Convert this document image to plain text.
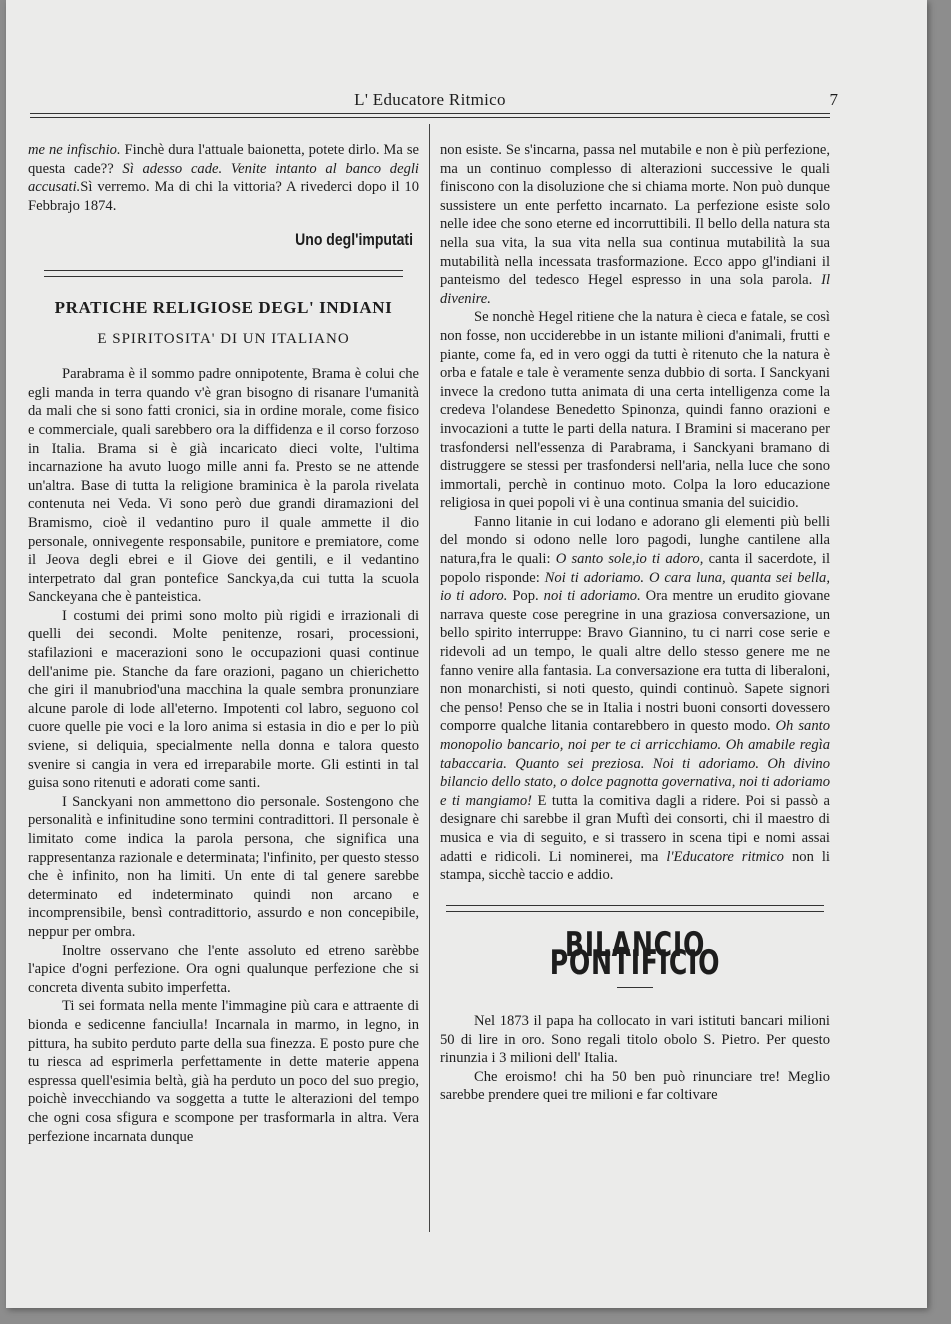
L' Educatore Ritmico	7

me ne infischio. Finchè dura l'attuale baionetta, potete dirlo. Ma se questa cade?? Sì adesso cade. Venite intanto al banco degli accusati.Sì verremo. Ma di chi la vittoria? A rivederci dopo il 10 Febbrajo 1874.

Uno degl'imputati
PRATICHE RELIGIOSE DEGL' INDIANI
E SPIRITOSITA' DI UN ITALIANO

Parabrama è il sommo padre onnipotente, Brama è colui che egli manda in terra quando v'è gran bisogno di risanare l'umanità da mali che si sono fatti cronici, sia in ordine morale, come fisico e commerciale, quali sarebbero ora la diffidenza e il corso forzoso in Italia. Brama si è già incaricato dieci volte, l'ultima incarnazione ha avuto luogo mille anni fa. Presto se ne attende un'altra. Base di tutta la religione braminica è la parola rivelata contenuta nei Veda. Vi sono però due grandi diramazioni del Bramismo, cioè il vedantino puro il quale ammette il dio personale, onnivegente responsabile, punitore e premiatore, come il Jeova degli ebrei e il Giove dei gentili, e il vedantino interpetrato dal gran pontefice Sanckya,da cui tutta la scuola Sanckeyana che è panteistica.

I costumi dei primi sono molto più rigidi e irrazionali di quelli dei secondi. Molte penitenze, rosari, processioni, stafilazioni e macerazioni sono le occupazioni quasi continue dell'anime pie. Stanche da fare orazioni, pagano un chierichetto che giri il manubriod'una macchina la quale sembra pronunziare alcune parole di lode all'eterno. Impotenti col labro, seguono col cuore quelle pie voci e la loro anima si estasia in dio e per lo più sviene, si deliquia, specialmente nella donna e talora questo svenire si cangia in vera ed irreparabile morte. Gli estinti in tal guisa sono ritenuti e adorati come santi.

I Sanckyani non ammettono dio personale. Sostengono che personalità e infinitudine sono termini contradittori. Il personale è limitato come indica la parola persona, che significa una rappresentanza razionale e determinata; l'infinito, per questo stesso che è infinito, non ha limiti. Un ente di tal genere sarebbe determinato ed indeterminato quindi non arcano e incomprensibile, bensì contradittorio, assurdo e non concepibile, neppur per ombra.

Inoltre osservano che l'ente assoluto ed etreno sarèbbe l'apice d'ogni perfezione. Ora ogni qualunque perfezione che si concreta diventa subito imperfetta.

Ti sei formata nella mente l'immagine più cara e attraente di bionda e sedicenne fanciulla! Incarnala in marmo, in legno, in pittura, ha subito perduto parte della sua finezza. E posto pure che tu riesca ad esprimerla perfettamente in dette materie appena espressa quell'esimia beltà, già ha perduto un poco del suo pregio, poichè invecchiando va soggetta a tutte le alterazioni del tempo che ogni cosa sfigura e scompone per trasformarla in altra. Vera perfezione incarnata dunque

non esiste. Se s'incarna, passa nel mutabile e non è più perfezione, ma un continuo complesso di alterazioni successive le quali finiscono con la disoluzione che si chiama morte. Non può dunque sussistere un ente perfetto incarnato. La perfezione esiste solo nelle idee che sono eterne ed incorruttibili. Il bello della natura sta nella sua vita, la sua vita nella sua continua mutabilità la sua mutabilità nella incessata trasformazione. Ecco appo gl'indiani il panteismo del tedesco Hegel espresso in una sola parola. Il divenire.

Se nonchè Hegel ritiene che la natura è cieca e fatale, se così non fosse, non ucciderebbe in un istante milioni d'animali, frutti e piante, come fa, ed in vero oggi da tutti è ritenuto che la natura è orba e fatale e tale è veramente senza dubbio di sorta. I Sanckyani invece la credono tutta animata di una certa intelligenza come la credeva l'olandese Benedetto Spinonza, quindi fanno orazioni e invocazioni a tutte le parti della natura. I Bramini si macerano per trasfondersi nell'essenza di Parabrama, i Sanckyani bramano di distruggere se stessi per trasfondersi nell'aria, nella luce che sono immortali, perchè in continuo moto. Colpa la loro educazione religiosa in quei popoli vi è una continua smania del suicidio.

Fanno litanie in cui lodano e adorano gli elementi più belli del mondo si odono nelle loro pagodi, lunghe cantilene alla natura,fra le quali: O santo sole,io ti adoro, canta il sacerdote, il popolo risponde: Noi ti adoriamo. O cara luna, quanta sei bella, io ti adoro. Pop. noi ti adoriamo. Ora mentre un erudito giovane narrava queste cose peregrine in una graziosa conversazione, un bello spirito interruppe: Bravo Giannino, tu ci narri cose serie e ridevoli ad un tempo, le quali altre dello stesso genere me ne fanno venire alla fantasia. La conversazione era tutta di liberaloni, non monarchisti, si noti questo, quindi continuò. Sapete signori che penso! Penso che se in Italia i nostri buoni consorti dovessero comporre qualche litania contarebbero in questo modo. Oh santo monopolio bancario, noi per te ci arricchiamo. Oh amabile regìa tabaccaria. Quanto sei preziosa. Noi ti adoriamo. Oh divino bilancio dello stato, o dolce pagnotta governativa, noi ti adoriamo e ti mangiamo! E tutta la comitiva dagli a ridere. Poi si passò a designare chi sarebbe il gran Muftì dei consorti, chi il maestro di musica e via di seguito, e si trassero in scena tipi e nomi assai adatti e ridicoli. Li nominerei, ma l'Educatore ritmico non li stampa, sicchè taccio e addio.

BILANCIO PONTIFICIO

Nel 1873 il papa ha collocato in vari istituti bancari milioni 50 di lire in oro. Sono regali titolo obolo S. Pietro. Per questo rinunzia i 3 milioni dell' Italia.

Che eroismo! chi ha 50 ben può rinunciare tre! Meglio sarebbe prendere quei tre milioni e far coltivare
